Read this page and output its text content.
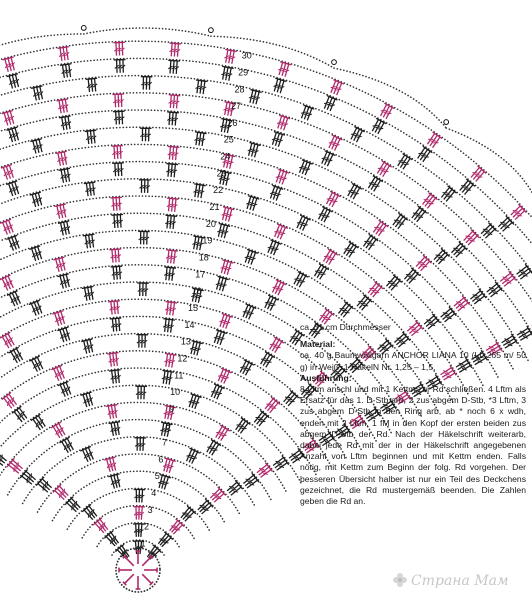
1
2
3
4
5
6
7
8
9
10
11
12
13
14
15
16
17
18
19
20
21
22
23
24
25
26
27
28
29
30
ca. 31 cm Durchmesser
Material:
ca. 40 g Baumwollgarn ANCHOR LIANA 10 (LL 265 m/ 50 g) in Weiß, 1 HäkelN Nr. 1,25 – 1,5.
Ausführung:
8 Lftm anschl und mit 1 Kettm zur Rd schließen. 4 Lftm als Ersatz für das 1. D-Stb arb, 2 zus abgem D-Stb, *3 Lftm, 3 zus abgem D-Stb in den Ring arb, ab * noch 6 x wdh, enden mit 2 Lftm, 1 fM in den Kopf der ersten beiden zus abgem D-Stb der Rd. Nach der Häkelschrift weiterarb, dabei jede Rd mit der in der Häkelschrift angegebenen Anzahl von Lftm beginnen und mit Kettm enden. Falls nötig, mit Kettm zum Beginn der folg. Rd vorgehen. Der besseren Übersicht halber ist nur ein Teil des Deckchens gezeichnet, die Rd mustergemäß beenden. Die Zahlen geben die Rd an.
Страна Мам
